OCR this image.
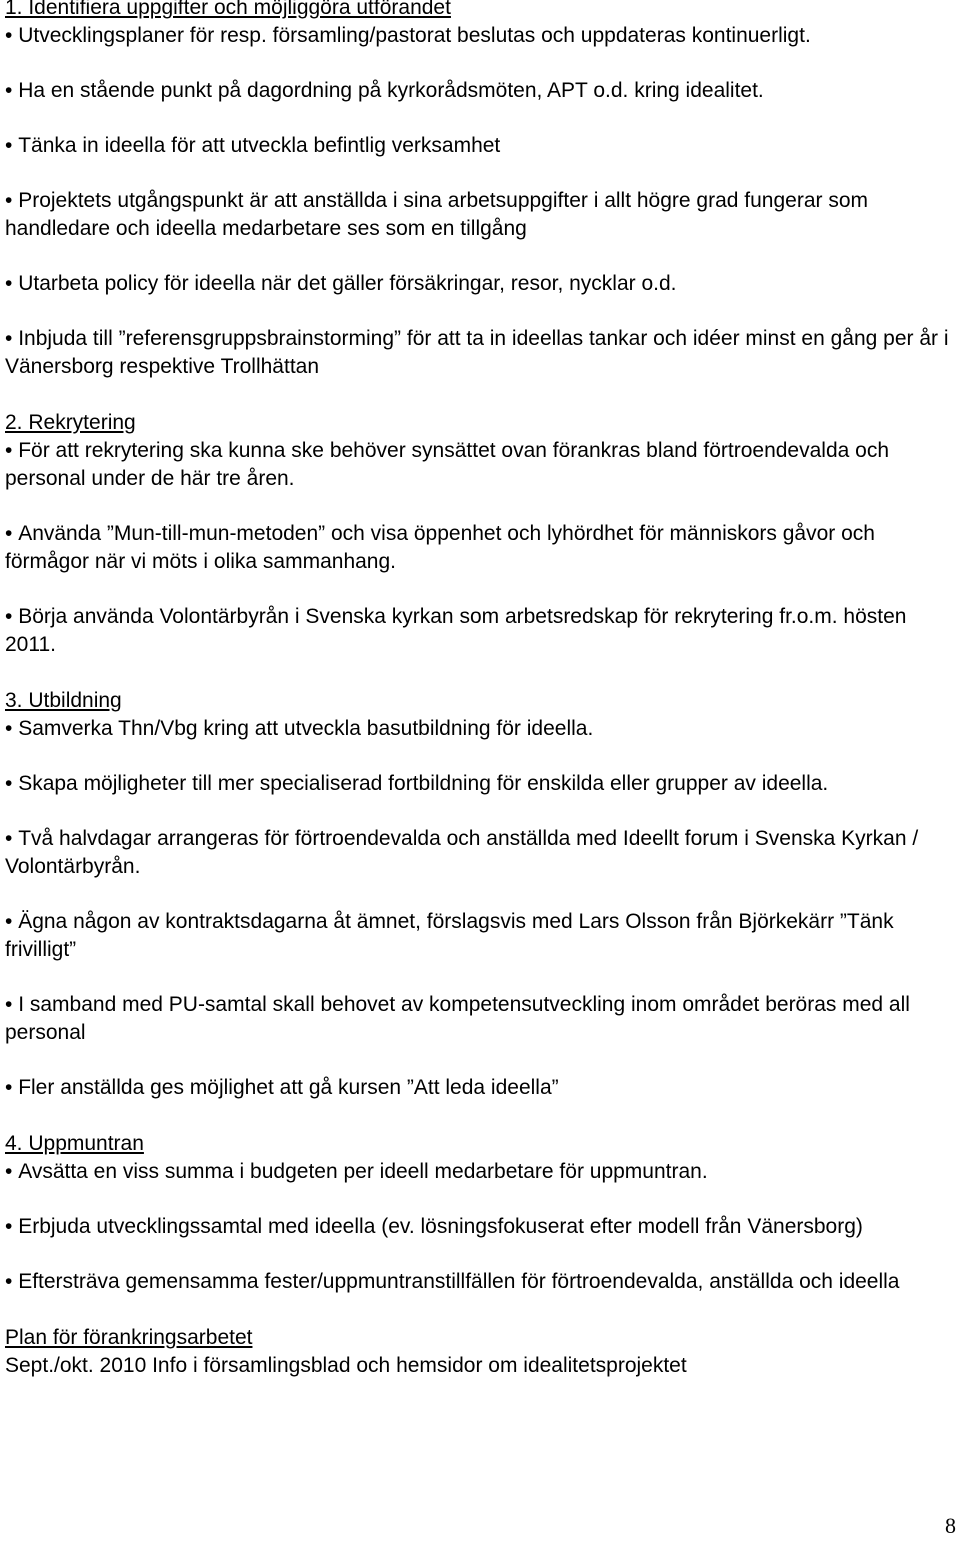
1. Identifiera uppgifter och möjliggöra utförandet

• Utvecklingsplaner för resp. församling/pastorat beslutas och uppdateras kontinuerligt.

• Ha en stående punkt på dagordning på kyrkorådsmöten, APT o.d. kring idealitet.

• Tänka in ideella för att utveckla befintlig verksamhet

• Projektets utgångspunkt är att anställda i sina arbetsuppgifter i allt högre grad fungerar som handledare och ideella medarbetare ses som en tillgång

• Utarbeta policy för ideella när det gäller försäkringar, resor, nycklar o.d.

• Inbjuda till ”referensgruppsbrainstorming” för att ta in ideellas tankar och idéer minst en gång per år i Vänersborg respektive Trollhättan

2. Rekrytering

• För att rekrytering ska kunna ske behöver synsättet ovan förankras bland förtroendevalda och personal under de här tre åren.

• Använda ”Mun-till-mun-metoden” och visa öppenhet och lyhördhet för människors gåvor och förmågor när vi möts i olika sammanhang.

• Börja använda Volontärbyrån i Svenska kyrkan som arbetsredskap för rekrytering fr.o.m. hösten 2011.

3. Utbildning

• Samverka Thn/Vbg kring att utveckla basutbildning för ideella.

• Skapa möjligheter till mer specialiserad fortbildning för enskilda eller grupper av ideella.

• Två halvdagar arrangeras för förtroendevalda och anställda med Ideellt forum i Svenska Kyrkan / Volontärbyrån.

• Ägna någon av kontraktsdagarna åt ämnet, förslagsvis med Lars Olsson från Björkekärr ”Tänk frivilligt”

• I samband med PU-samtal skall behovet av kompetensutveckling inom området beröras med all personal

• Fler anställda ges möjlighet att gå kursen ”Att leda ideella”

4. Uppmuntran

• Avsätta en viss summa i budgeten per ideell medarbetare för uppmuntran.

• Erbjuda utvecklingssamtal med ideella (ev. lösningsfokuserat efter modell från Vänersborg)

• Eftersträva gemensamma fester/uppmuntranstillfällen för förtroendevalda, anställda och ideella

Plan för förankringsarbetet

Sept./okt. 2010 Info i församlingsblad och hemsidor om idealitetsprojektet

8
